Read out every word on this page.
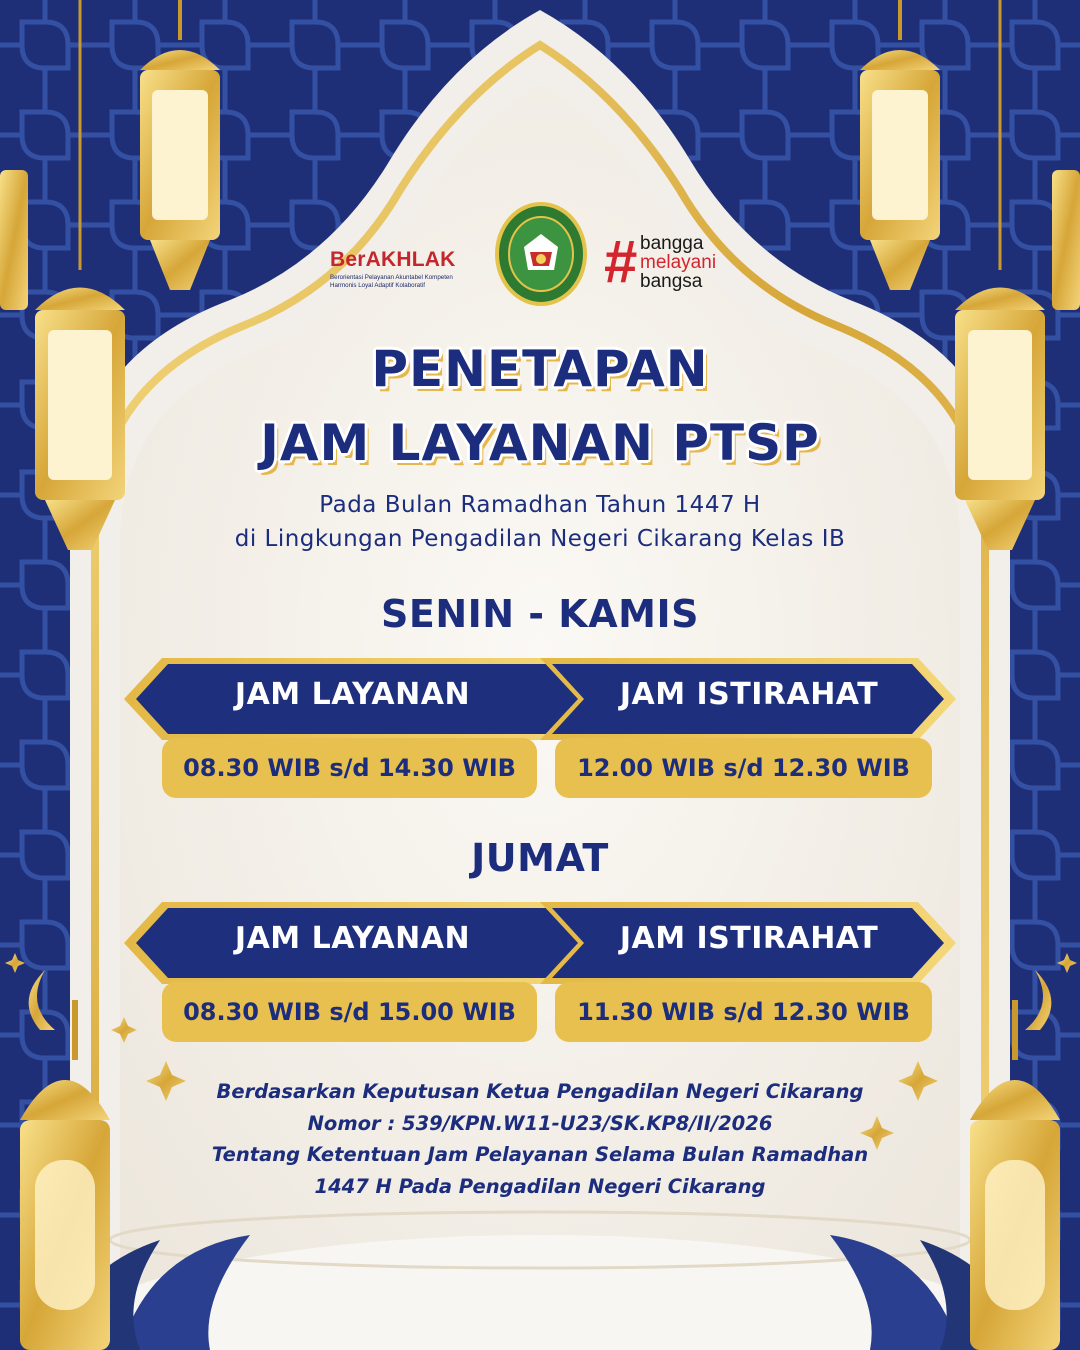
BerAKHLAK
Berorientasi Pelayanan Akuntabel Kompeten
Harmonis Loyal Adaptif Kolaboratif	# bangga
melayani
bangsa
PENETAPAN
JAM LAYANAN PTSP
Pada Bulan Ramadhan Tahun 1447 H
di Lingkungan Pengadilan Negeri Cikarang Kelas IB
SENIN - KAMIS
JAM LAYANAN	JAM ISTIRAHAT
08.30 WIB s/d 14.30 WIB	12.00 WIB s/d 12.30 WIB
JUMAT
JAM LAYANAN	JAM ISTIRAHAT
08.30 WIB s/d 15.00 WIB	11.30 WIB s/d 12.30 WIB
Berdasarkan Keputusan Ketua Pengadilan Negeri Cikarang
Nomor : 539/KPN.W11-U23/SK.KP8/II/2026
Tentang Ketentuan Jam Pelayanan Selama Bulan Ramadhan
1447 H Pada Pengadilan Negeri Cikarang
